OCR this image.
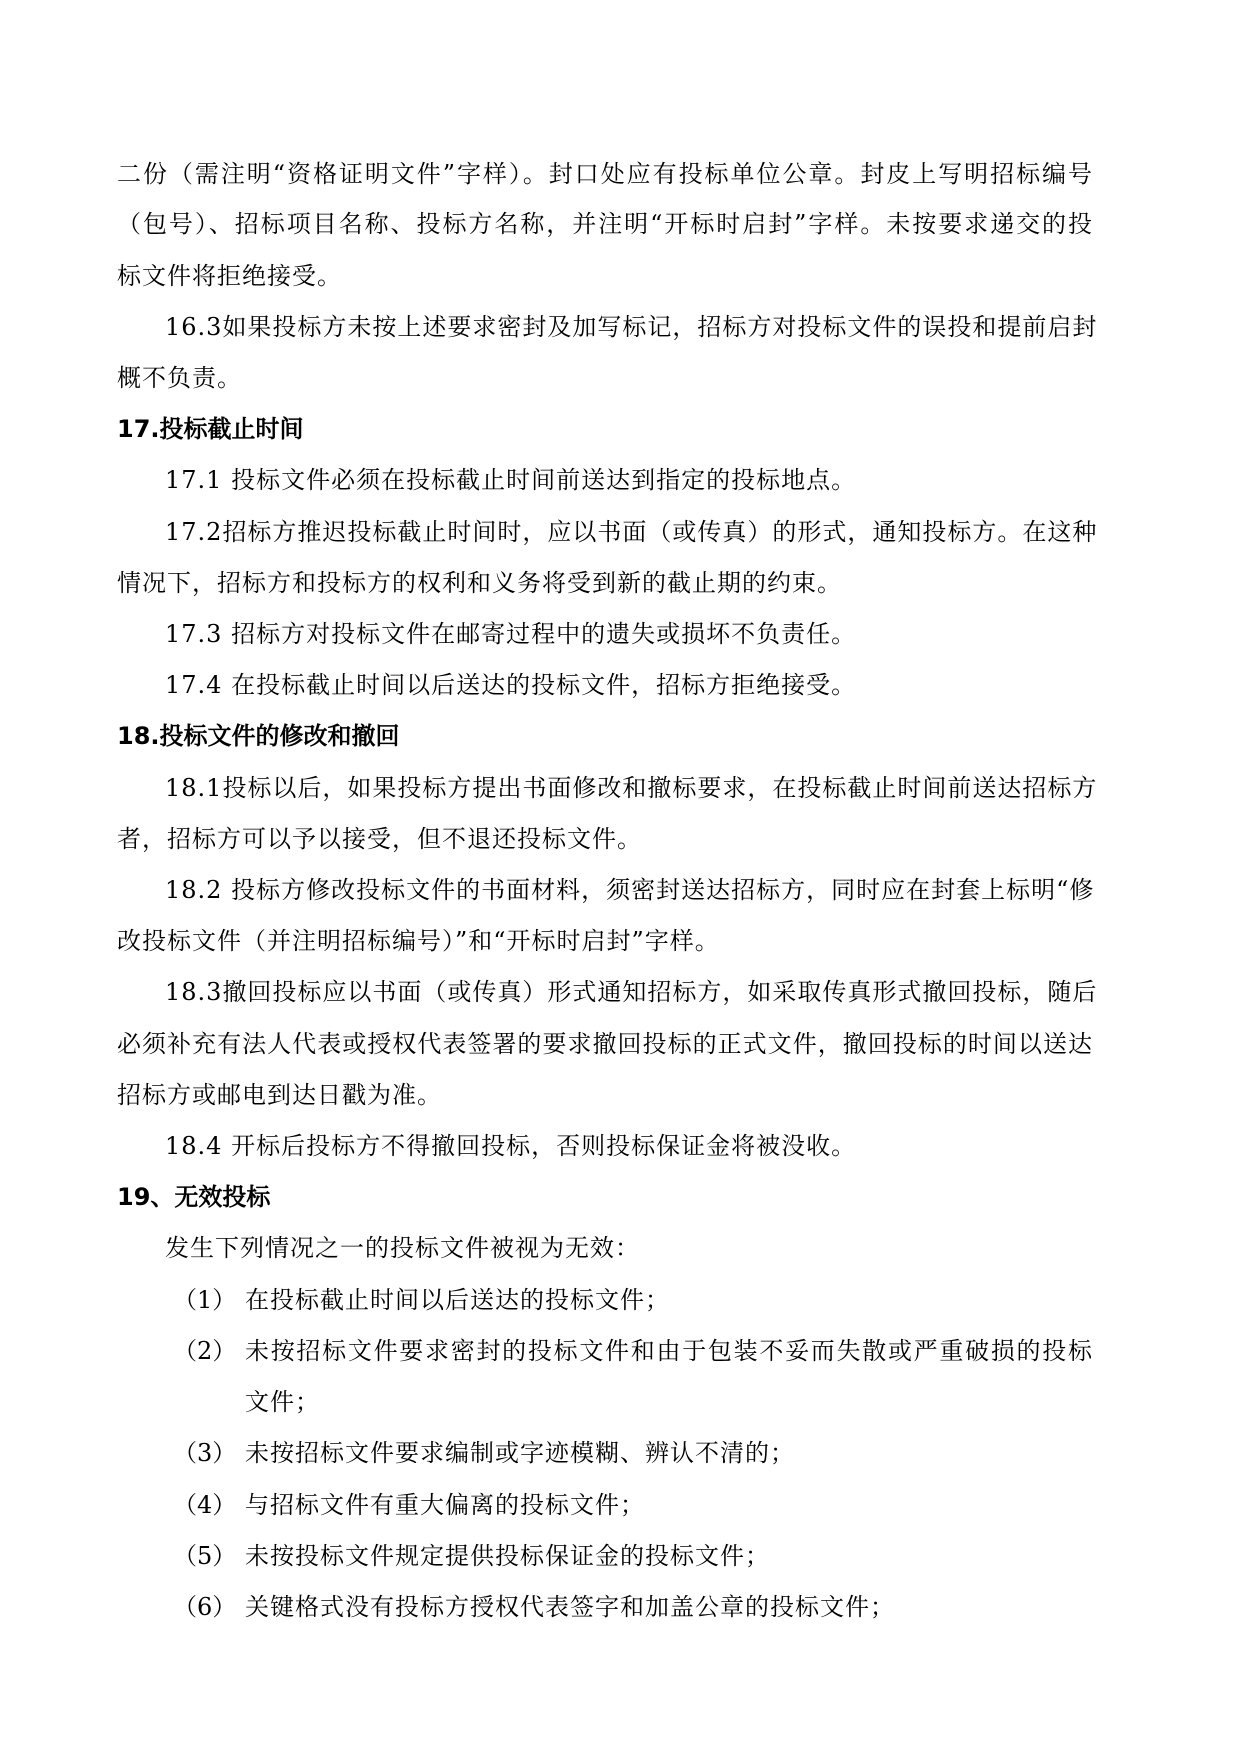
二份（需注明“资格证明文件”字样）。封口处应有投标单位公章。封皮上写明招标编号
（包号）、招标项目名称、投标方名称，并注明“开标时启封”字样。未按要求递交的投
标文件将拒绝接受。
16.3如果投标方未按上述要求密封及加写标记，招标方对投标文件的误投和提前启封
概不负责。
17.投标截止时间
17.1 投标文件必须在投标截止时间前送达到指定的投标地点。
17.2招标方推迟投标截止时间时，应以书面（或传真）的形式，通知投标方。在这种
情况下，招标方和投标方的权利和义务将受到新的截止期的约束。
17.3 招标方对投标文件在邮寄过程中的遗失或损坏不负责任。
17.4 在投标截止时间以后送达的投标文件，招标方拒绝接受。
18.投标文件的修改和撤回
18.1投标以后，如果投标方提出书面修改和撤标要求，在投标截止时间前送达招标方
者，招标方可以予以接受，但不退还投标文件。
18.2 投标方修改投标文件的书面材料，须密封送达招标方，同时应在封套上标明“修
改投标文件（并注明招标编号）”和“开标时启封”字样。
18.3撤回投标应以书面（或传真）形式通知招标方，如采取传真形式撤回投标，随后
必须补充有法人代表或授权代表签署的要求撤回投标的正式文件，撤回投标的时间以送达
招标方或邮电到达日戳为准。
18.4 开标后投标方不得撤回投标，否则投标保证金将被没收。
19、无效投标
发生下列情况之一的投标文件被视为无效：
（1） 在投标截止时间以后送达的投标文件；
（2） 未按招标文件要求密封的投标文件和由于包装不妥而失散或严重破损的投标
文件；
（3） 未按招标文件要求编制或字迹模糊、辨认不清的；
（4） 与招标文件有重大偏离的投标文件；
（5） 未按投标文件规定提供投标保证金的投标文件；
（6） 关键格式没有投标方授权代表签字和加盖公章的投标文件；
